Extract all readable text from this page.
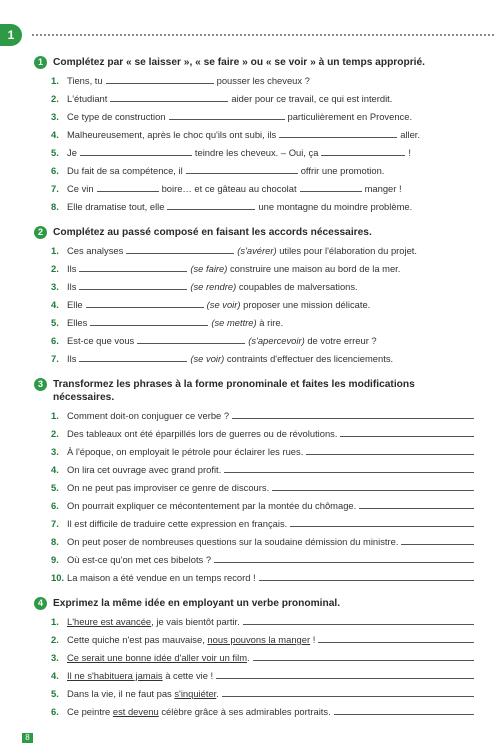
1
1 Complétez par « se laisser », « se faire » ou « se voir » à un temps approprié.
1. Tiens, tu	pousser les cheveux ?
2. L'étudiant	aider pour ce travail, ce qui est interdit.
3. Ce type de construction	particulièrement en Provence.
4. Malheureusement, après le choc qu'ils ont subi, ils	aller.
5. Je	teindre les cheveux. – Oui, ça	!
6. Du fait de sa compétence, il	offrir une promotion.
7. Ce vin	boire… et ce gâteau au chocolat	manger !
8. Elle dramatise tout, elle	une montagne du moindre problème.
2 Complétez au passé composé en faisant les accords nécessaires.
1. Ces analyses	(s'avérer)
utiles pour l'élaboration du projet.
2. Ils	(se faire)
construire une maison au bord de la mer.
3. Ils	(se rendre)
coupables de malversations.
4. Elle	(se voir)
proposer une mission délicate.
5. Elles	(se mettre)
à rire.
6. Est-ce que vous	(s'apercevoir)
de votre erreur ?
7. Ils	(se voir)
contraints d'effectuer des licenciements.
3 Transformez les phrases à la forme pronominale et faites les modifications nécessaires.
1. Comment doit-on conjuguer ce verbe ?
2. Des tableaux ont été éparpillés lors de guerres ou de révolutions.
3. À l'époque, on employait le pétrole pour éclairer les rues.
4. On lira cet ouvrage avec grand profit.
5. On ne peut pas improviser ce genre de discours.
6. On pourrait expliquer ce mécontentement par la montée du chômage.
7. Il est difficile de traduire cette expression en français.
8. On peut poser de nombreuses questions sur la soudaine démission du ministre.
9. Où est-ce qu'on met ces bibelots ?
10. La maison a été vendue en un temps record !
4 Exprimez la même idée en employant un verbe pronominal.
1. L'heure est avancée, je vais bientôt partir.
2. Cette quiche n'est pas mauvaise, nous pouvons la manger !
3. Ce serait une bonne idée d'aller voir un film.
4. Il ne s'habituera jamais à cette vie !
5. Dans la vie, il ne faut pas s'inquiéter.
6. Ce peintre est devenu célèbre grâce à ses admirables portraits.
8
